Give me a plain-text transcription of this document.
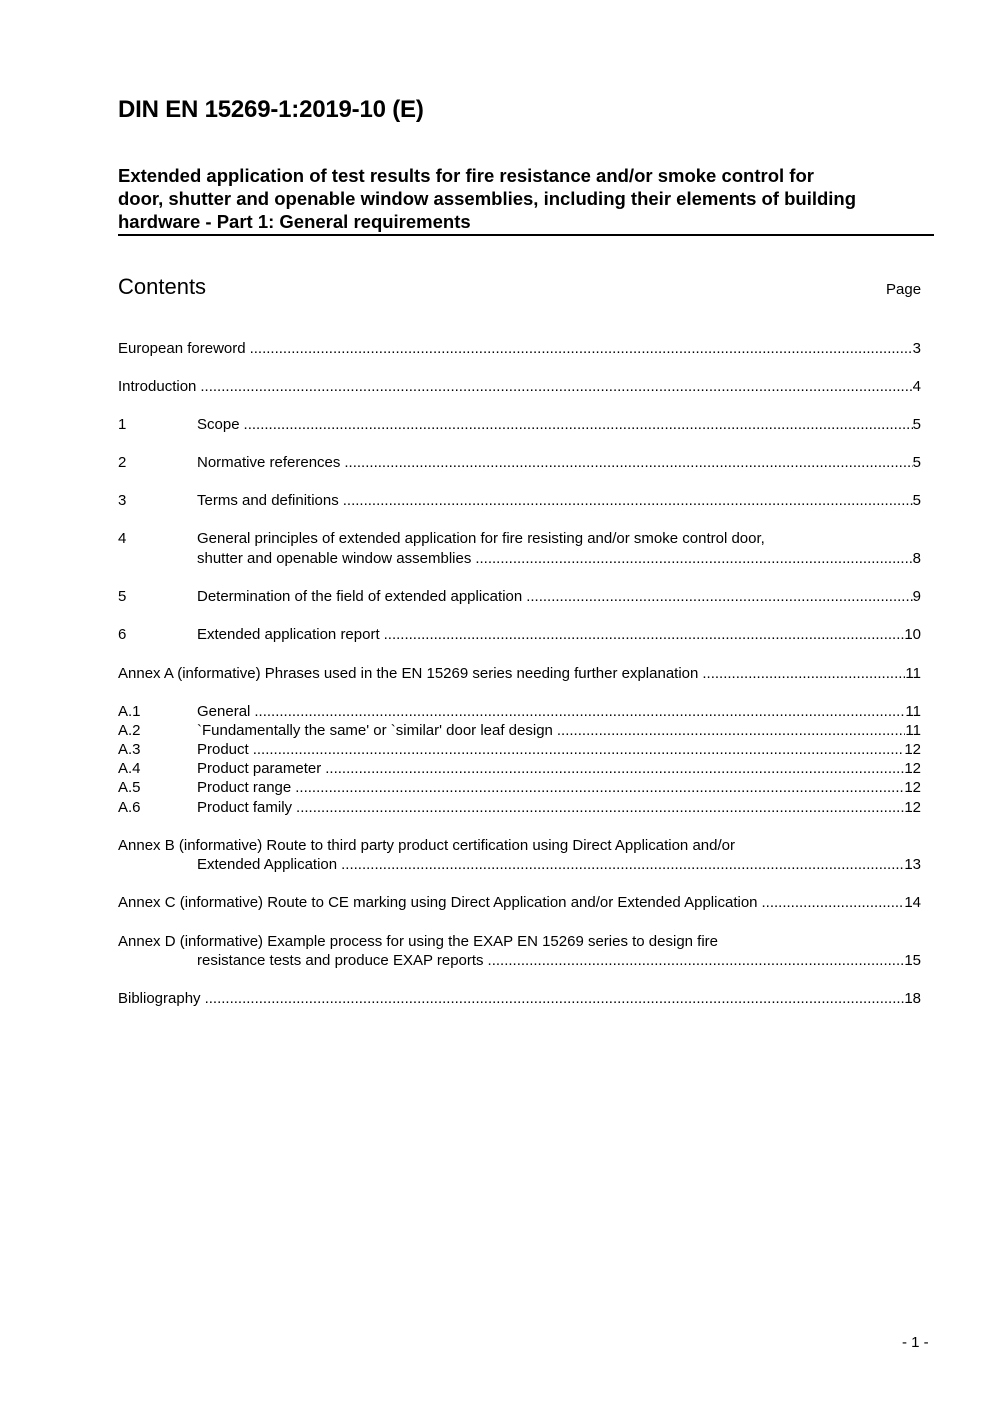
DIN EN 15269-1:2019-10 (E)
Extended application of test results for fire resistance and/or smoke control for
door, shutter and openable window assemblies, including their elements of building
hardware - Part 1: General requirements
Contents	Page
European foreword .....	3
Introduction .....	4
1	Scope .....	5
2	Normative references .....	5
3	Terms and definitions .....	5
4	General principles of extended application for fire resisting and/or smoke control door,
shutter and openable window assemblies .....	8
5	Determination of the field of extended application .....	9
6	Extended application report .....	10
Annex A (informative) Phrases used in the EN 15269 series needing further explanation .....	11
A.1	General .....	11
A.2	`Fundamentally the same' or `similar' door leaf design .....	11
A.3	Product .....	12
A.4	Product parameter .....	12
A.5	Product range .....	12
A.6	Product family .....	12
Annex B (informative) Route to third party product certification using Direct Application and/or
Extended Application .....	13
Annex C (informative) Route to CE marking using Direct Application and/or Extended Application .....	14
Annex D (informative) Example process for using the EXAP EN 15269 series to design fire
resistance tests and produce EXAP reports .....	15
Bibliography .....	18
- 1 -
